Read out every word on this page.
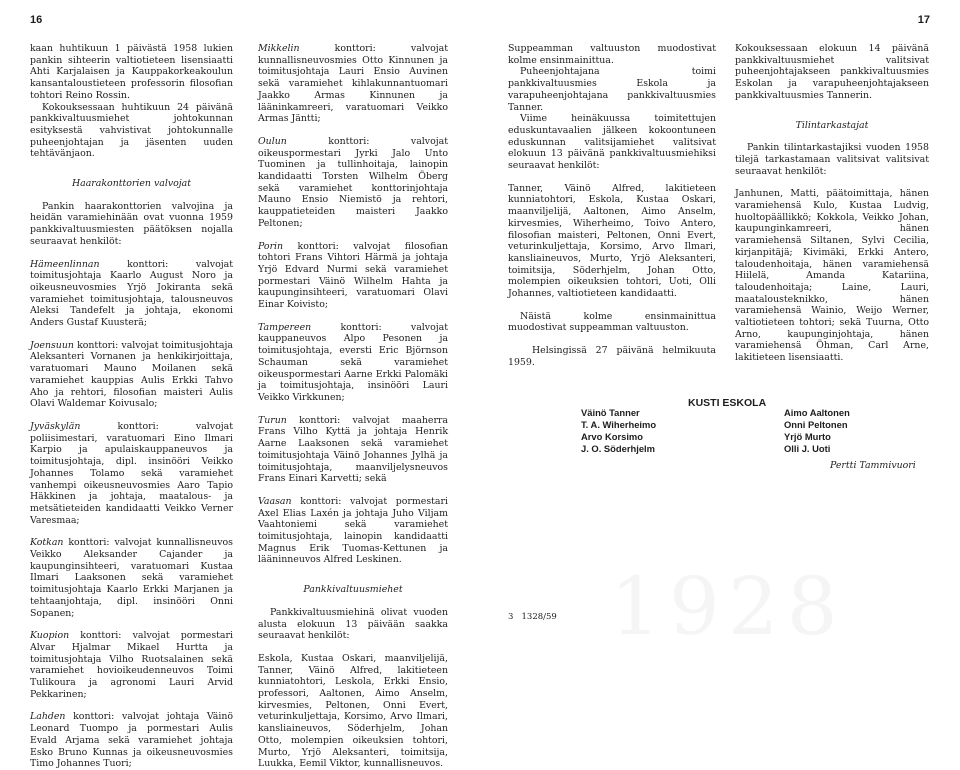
16	17

kaan huhtikuun 1 päivästä 1958 lukien pankin sihteerin valtiotieteen lisensiaatti Ahti Karjalaisen ja Kauppakorkeakoulun kansantaloustieteen professorin filosofian tohtori Reino Rossin.

Kokouksessaan huhtikuun 24 päivänä pankkivaltuusmiehet johtokunnan esityksestä vahvistivat johtokunnalle puheenjohtajan ja jäsenten uuden tehtävänjaon.

Haarakonttorien valvojat

Pankin haarakonttorien valvojina ja heidän varamiehinään ovat vuonna 1959 pankkivaltuusmiesten päätöksen nojalla seuraavat henkilöt:

Hämeenlinnan konttori: valvojat toimitusjohtaja Kaarlo August Noro ja oikeusneuvosmies Yrjö Jokiranta sekä varamiehet toimitusjohtaja, talousneuvos Aleksi Tandefelt ja johtaja, ekonomi Anders Gustaf Kuusterä;

Joensuun konttori: valvojat toimitusjohtaja Aleksanteri Vornanen ja henkikirjoittaja, varatuomari Mauno Moilanen sekä varamiehet kauppias Aulis Erkki Tahvo Aho ja rehtori, filosofian maisteri Aulis Olavi Waldemar Koivusalo;

Jyväskylän konttori: valvojat poliisimestari, varatuomari Eino Ilmari Karpio ja apulaiskauppaneuvos ja toimitusjohtaja, dipl. insinööri Veikko Johannes Tolamo sekä varamiehet vanhempi oikeusneuvosmies Aaro Tapio Häkkinen ja johtaja, maatalous- ja metsätieteiden kandidaatti Veikko Verner Varesmaa;

Kotkan konttori: valvojat kunnallisneuvos Veikko Aleksander Cajander ja kaupunginsihteeri, varatuomari Kustaa Ilmari Laaksonen sekä varamiehet toimitusjohtaja Kaarlo Erkki Marjanen ja tehtaanjohtaja, dipl. insinööri Onni Sopanen;

Kuopion konttori: valvojat pormestari Alvar Hjalmar Mikael Hurtta ja toimitusjohtaja Vilho Ruotsalainen sekä varamiehet hovioikeudenneuvos Toimi Tulikoura ja agronomi Lauri Arvid Pekkarinen;

Lahden konttori: valvojat johtaja Väinö Leonard Tuompo ja pormestari Aulis Evald Arjama sekä varamiehet johtaja Esko Bruno Kunnas ja oikeusneuvosmies Timo Johannes Tuori;

Mikkelin konttori: valvojat kunnallisneuvosmies Otto Kinnunen ja toimitusjohtaja Lauri Ensio Auvinen sekä varamiehet kihlakunnantuomari Jaakko Armas Kinnunen ja lääninkamreeri, varatuomari Veikko Armas Jäntti;

Oulun konttori: valvojat oikeuspormestari Jyrki Jalo Unto Tuominen ja tullinhoitaja, lainopin kandidaatti Torsten Wilhelm Öberg sekä varamiehet konttorinjohtaja Mauno Ensio Niemistö ja rehtori, kauppatieteiden maisteri Jaakko Peltonen;

Porin konttori: valvojat filosofian tohtori Frans Vihtori Härmä ja johtaja Yrjö Edvard Nurmi sekä varamiehet pormestari Väinö Wilhelm Hahta ja kaupunginsihteeri, varatuomari Olavi Einar Koivisto;

Tampereen konttori: valvojat kauppaneuvos Alpo Pesonen ja toimitusjohtaja, eversti Eric Björnson Schauman sekä varamiehet oikeuspormestari Aarne Erkki Palomäki ja toimitusjohtaja, insinööri Lauri Veikko Virkkunen;

Turun konttori: valvojat maaherra Frans Vilho Kyttä ja johtaja Henrik Aarne Laaksonen sekä varamiehet toimitusjohtaja Väinö Johannes Jylhä ja toimitusjohtaja, maanviljelysneuvos Frans Einari Karvetti; sekä

Vaasan konttori: valvojat pormestari Axel Elias Laxén ja johtaja Juho Viljam Vaahtoniemi sekä varamiehet toimitusjohtaja, lainopin kandidaatti Magnus Erik Tuomas-Kettunen ja lääninneuvos Alfred Leskinen.

Pankkivaltuusmiehet

Pankkivaltuusmiehinä olivat vuoden alusta elokuun 13 päivään saakka seuraavat henkilöt:

Eskola, Kustaa Oskari, maanviljelijä, Tanner, Väinö Alfred, lakitieteen kunniatohtori, Leskola, Erkki Ensio, professori, Aaltonen, Aimo Anselm, kirvesmies, Peltonen, Onni Evert, veturinkuljettaja, Korsimo, Arvo Ilmari, kansliaineuvos, Söderhjelm, Johan Otto, molempien oikeuksien tohtori, Murto, Yrjö Aleksanteri, toimitsija, Luukka, Eemil Viktor, kunnallisneuvos.

Suppeamman valtuuston muodostivat kolme ensinmainittua.

Puheenjohtajana toimi pankkivaltuusmies Eskola ja varapuheenjohtajana pankkivaltuusmies Tanner.

Viime heinäkuussa toimitettujen eduskuntavaalien jälkeen kokoontuneen eduskunnan valitsijamiehet valitsivat elokuun 13 päivänä pankkivaltuusmiehiksi seuraavat henkilöt:

Tanner, Väinö Alfred, lakitieteen kunniatohtori, Eskola, Kustaa Oskari, maanviljelijä, Aaltonen, Aimo Anselm, kirvesmies, Wiherheimo, Toivo Antero, filosofian maisteri, Peltonen, Onni Evert, veturinkuljettaja, Korsimo, Arvo Ilmari, kansliaineuvos, Murto, Yrjö Aleksanteri, toimitsija, Söderhjelm, Johan Otto, molempien oikeuksien tohtori, Uoti, Olli Johannes, valtiotieteen kandidaatti.

Näistä kolme ensinmainittua muodostivat suppeamman valtuuston.

Helsingissä 27 päivänä helmikuuta 1959.

Kokouksessaan elokuun 14 päivänä pankkivaltuusmiehet valitsivat puheenjohtajakseen pankkivaltuusmies Eskolan ja varapuheenjohtajakseen pankkivaltuusmies Tannerin.

Tilintarkastajat

Pankin tilintarkastajiksi vuoden 1958 tilejä tarkastamaan valitsivat valitsivat seuraavat henkilöt:

Janhunen, Matti, päätoimittaja, hänen varamiehensä Kulo, Kustaa Ludvig, huoltopäällikkö; Kokkola, Veikko Johan, kaupunginkamreeri, hänen varamiehensä Siltanen, Sylvi Cecilia, kirjanpitäjä; Kivimäki, Erkki Antero, taloudenhoitaja, hänen varamiehensä Hiilelä, Amanda Katariina, taloudenhoitaja; Laine, Lauri, maatalousteknikko, hänen varamiehensä Wainio, Weijo Werner, valtiotieteen tohtori; sekä Tuurna, Otto Arno, kaupunginjohtaja, hänen varamiehensä Öhman, Carl Arne, lakitieteen lisensiaatti.

Väinö Tanner
T. A. Wiherheimo
Arvo Korsimo
J. O. Söderhjelm
KUSTI ESKOLA
Aimo Aaltonen
Onni Peltonen
Yrjö Murto
Olli J. Uoti
Pertti Tammivuori
3   1328/59
